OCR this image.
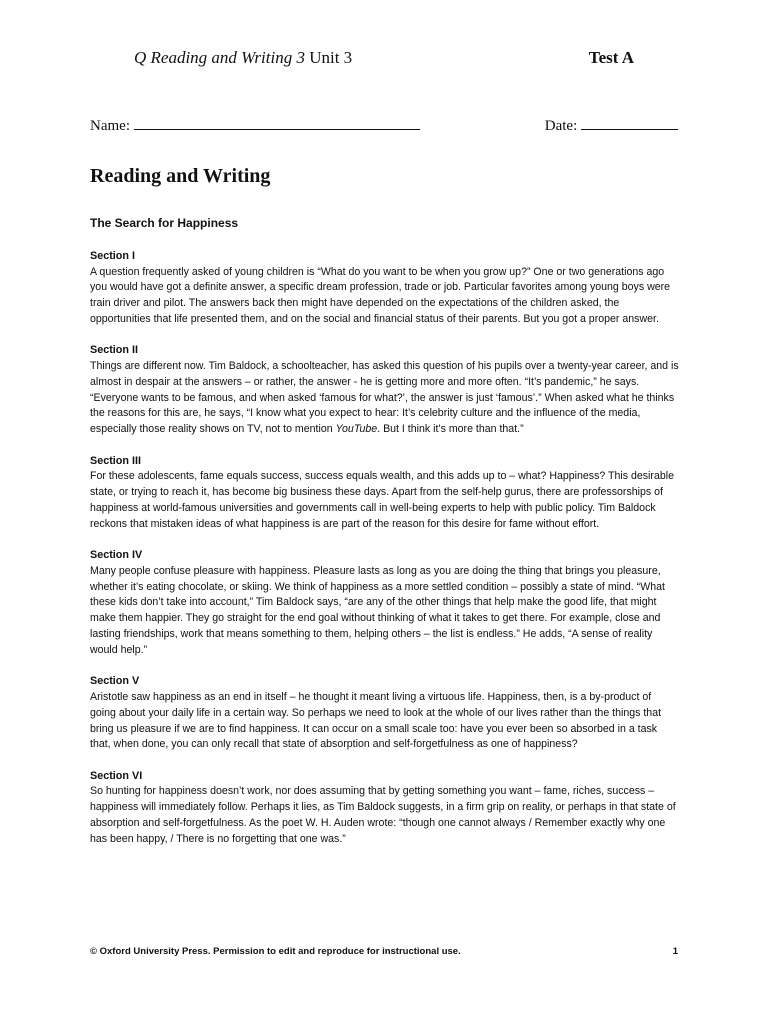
Q Reading and Writing 3 Unit 3	Test A
Name:	Date:
Reading and Writing
The Search for Happiness
Section I

A question frequently asked of young children is “What do you want to be when you grow up?” One or two generations ago you would have got a definite answer, a specific dream profession, trade or job. Particular favorites among young boys were train driver and pilot. The answers back then might have depended on the expectations of the children asked, the opportunities that life presented them, and on the social and financial status of their parents. But you got a proper answer.

Section II

Things are different now. Tim Baldock, a schoolteacher, has asked this question of his pupils over a twenty-year career, and is almost in despair at the answers – or rather, the answer - he is getting more and more often. “It’s pandemic,” he says. “Everyone wants to be famous, and when asked ‘famous for what?’, the answer is just ‘famous’.” When asked what he thinks the reasons for this are, he says, “I know what you expect to hear: It’s celebrity culture and the influence of the media, especially those reality shows on TV, not to mention YouTube. But I think it’s more than that.”

Section III

For these adolescents, fame equals success, success equals wealth, and this adds up to – what? Happiness? This desirable state, or trying to reach it, has become big business these days. Apart from the self-help gurus, there are professorships of happiness at world-famous universities and governments call in well-being experts to help with public policy. Tim Baldock reckons that mistaken ideas of what happiness is are part of the reason for this desire for fame without effort.

Section IV

Many people confuse pleasure with happiness. Pleasure lasts as long as you are doing the thing that brings you pleasure, whether it’s eating chocolate, or skiing. We think of happiness as a more settled condition – possibly a state of mind. “What these kids don’t take into account,” Tim Baldock says, “are any of the other things that help make the good life, that might make them happier. They go straight for the end goal without thinking of what it takes to get there. For example, close and lasting friendships, work that means something to them, helping others – the list is endless.” He adds, “A sense of reality would help.”

Section V

Aristotle saw happiness as an end in itself – he thought it meant living a virtuous life. Happiness, then, is a by-product of going about your daily life in a certain way. So perhaps we need to look at the whole of our lives rather than the things that bring us pleasure if we are to find happiness. It can occur on a small scale too: have you ever been so absorbed in a task that, when done, you can only recall that state of absorption and self-forgetfulness as one of happiness?

Section VI

So hunting for happiness doesn’t work, nor does assuming that by getting something you want – fame, riches, success – happiness will immediately follow. Perhaps it lies, as Tim Baldock suggests, in a firm grip on reality, or perhaps in that state of absorption and self-forgetfulness. As the poet W. H. Auden wrote: “though one cannot always / Remember exactly why one has been happy, / There is no forgetting that one was.”

© Oxford University Press. Permission to edit and reproduce for instructional use.	1
